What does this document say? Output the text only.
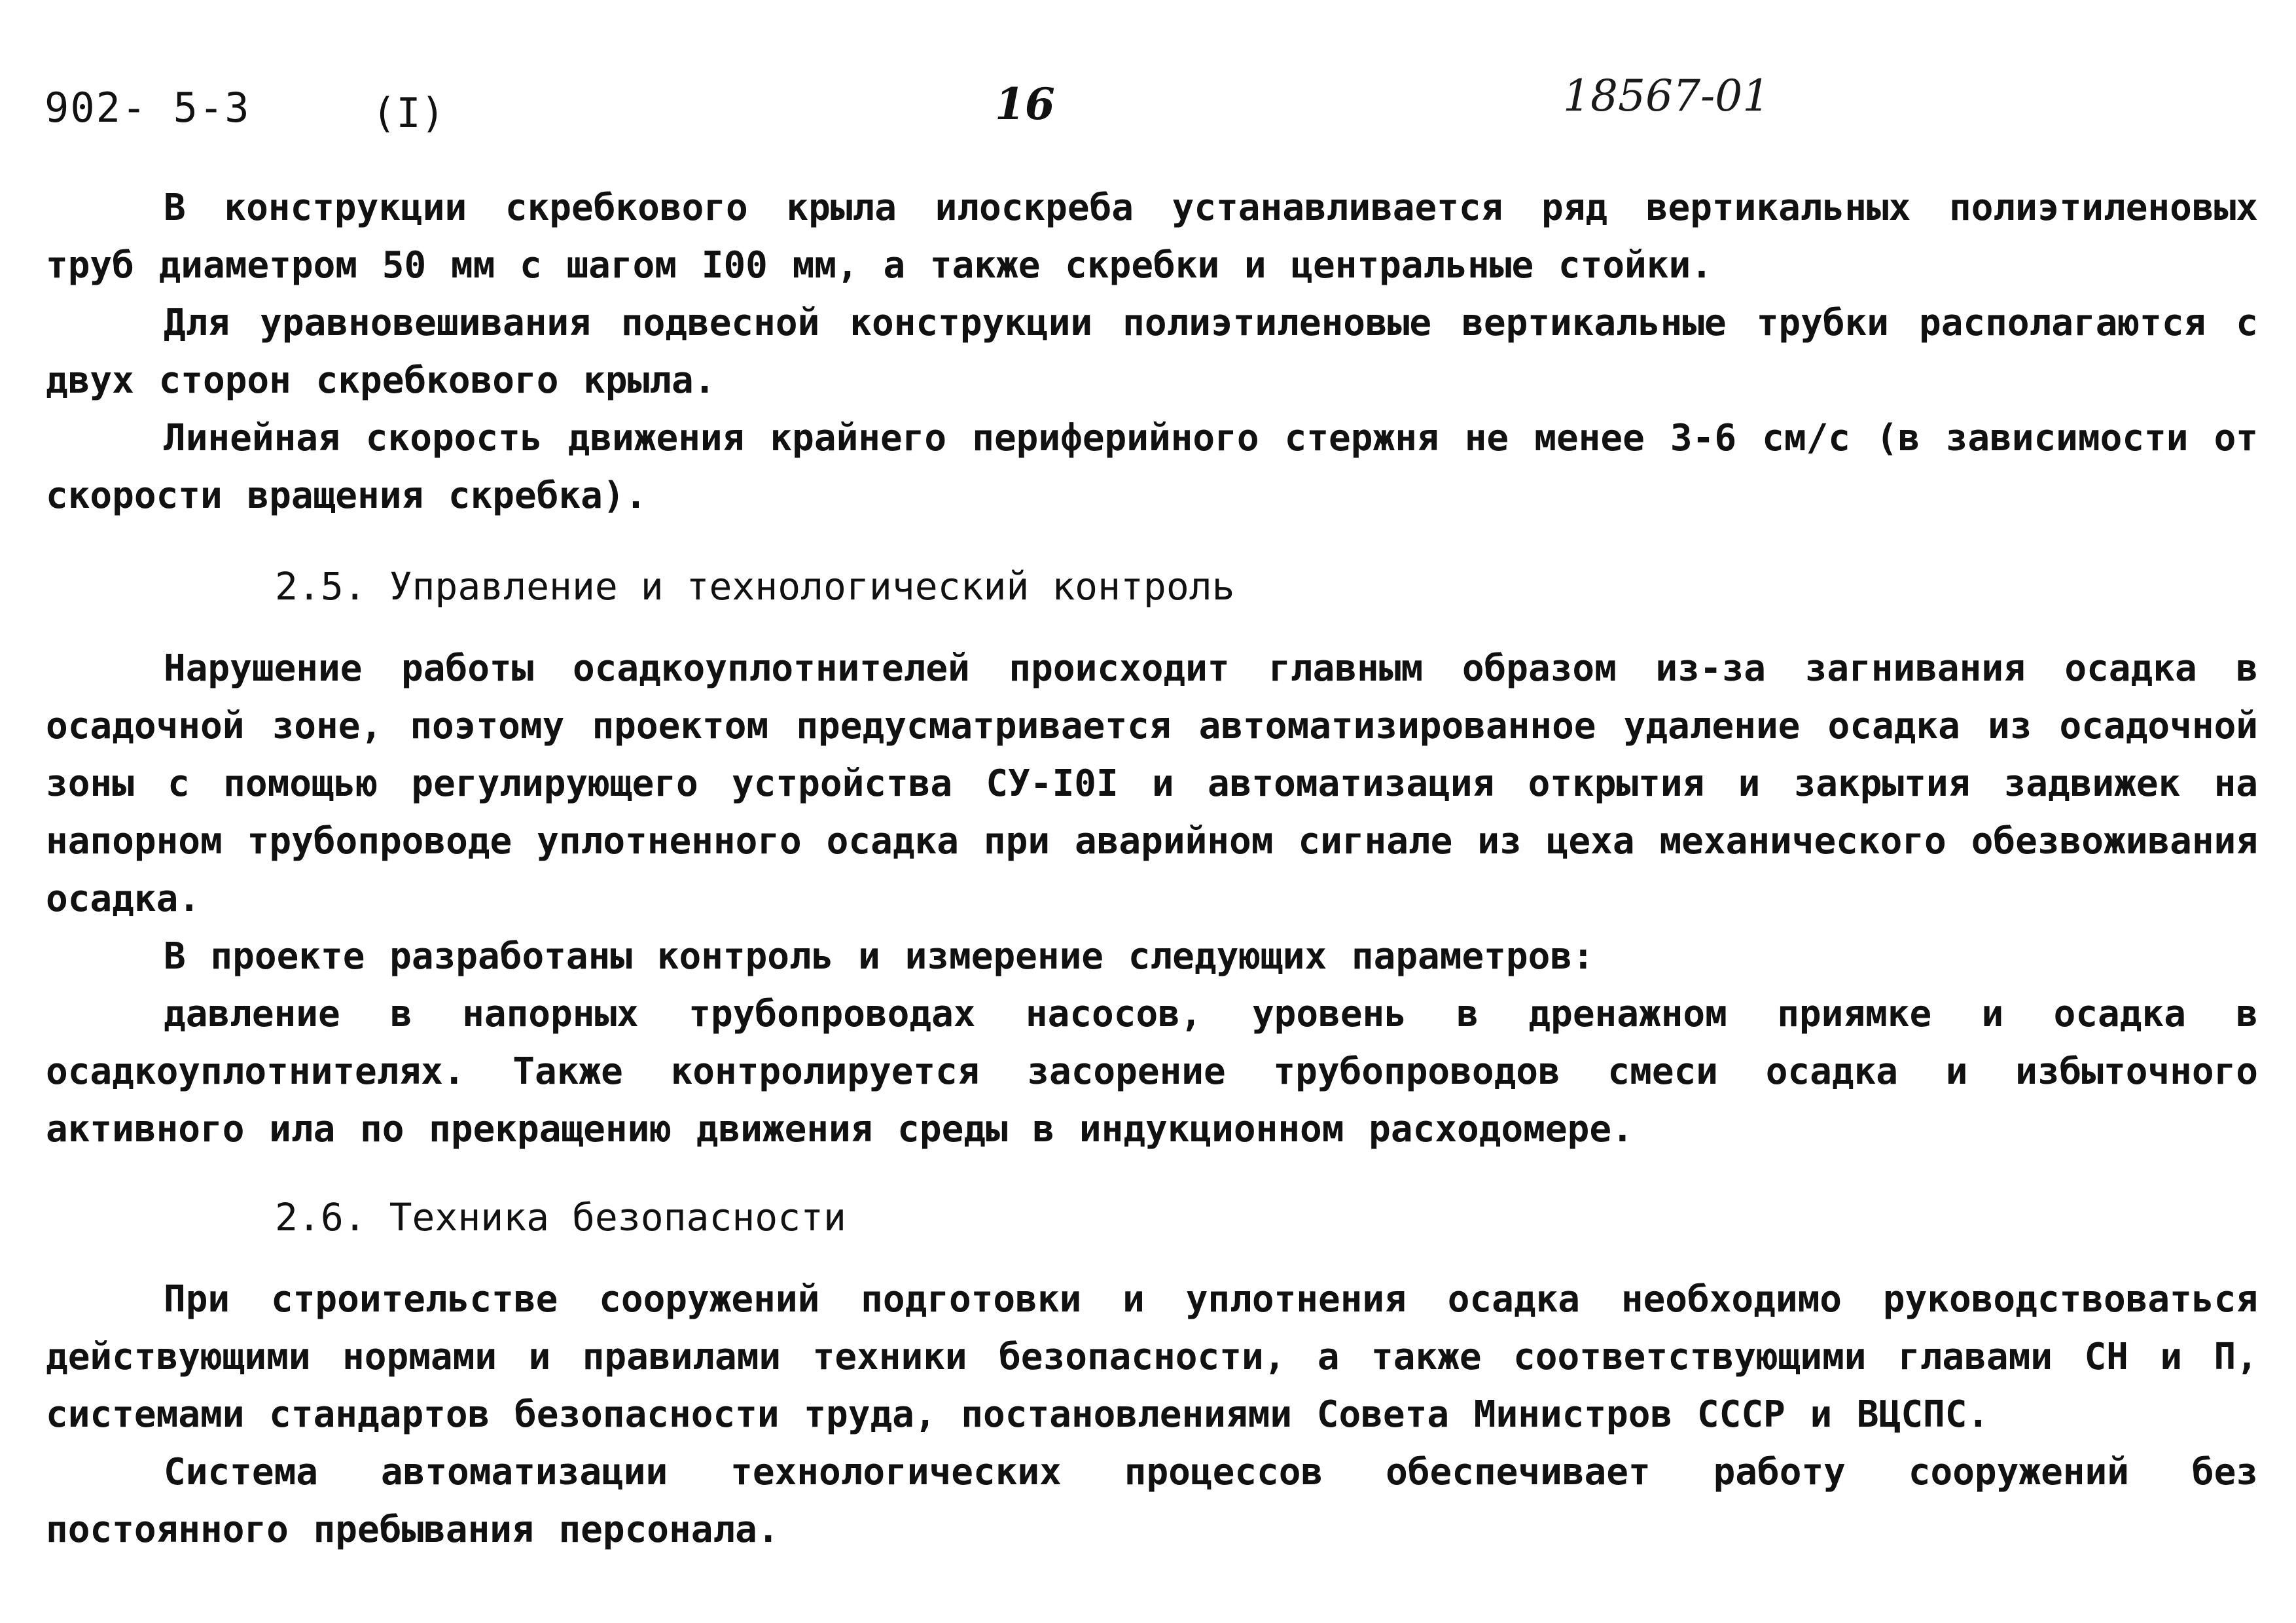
902- 5-3	(I)	16	18567-01

В конструкции скребкового крыла илоскреба устанавливается ряд вертикальных полиэтиленовых труб диаметром 50 мм с шагом I00 мм, а также скребки и центральные стойки.

Для уравновешивания подвесной конструкции полиэтиленовые вертикальные трубки располагаются с двух сторон скребкового крыла.

Линейная скорость движения крайнего периферийного стержня не менее 3-6 см/с (в зависимости от скорости вращения скребка).

2.5. Управление и технологический контроль

Нарушение работы осадкоуплотнителей происходит главным образом из-за загнивания осадка в осадочной зоне, поэтому проектом предусматривается автоматизированное удаление осадка из осадочной зоны с помощью регулирующего устройства СУ-I0I и автоматизация открытия и закрытия задвижек на напорном трубопроводе уплотненного осадка при аварийном сигнале из цеха механического обезвоживания осадка.

В проекте разработаны контроль и измерение следующих параметров:

давление в напорных трубопроводах насосов, уровень в дренажном приямке и осадка в осадкоуплотнителях. Также контролируется засорение трубопроводов смеси осадка и избыточного активного ила по прекращению движения среды в индукционном расходомере.

2.6. Техника безопасности

При строительстве сооружений подготовки и уплотнения осадка необходимо руководствоваться действующими нормами и правилами техники безопасности, а также соответствующими главами СН и П, системами стандартов безопасности труда, постановлениями Совета Министров СССР и ВЦСПС.

Система автоматизации технологических процессов обеспечивает работу сооружений без постоянного пребывания персонала.
